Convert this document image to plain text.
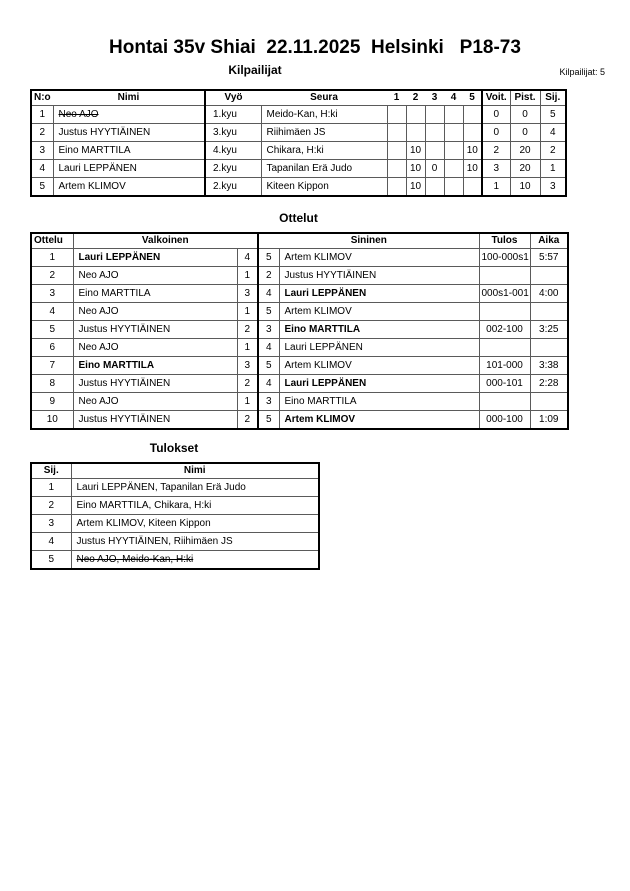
Hontai 35v Shiai  22.11.2025  Helsinki   P18-73
Kilpailijat	Kilpailijat: 5
N:o	Nimi	Vyö	Seura	1	2	3	4	5	Voit.	Pist.	Sij.
1	Neo AJO	1.kyu	Meido-Kan, H:ki						0	0	5
2	Justus HYYTIÄINEN	3.kyu	Riihimäen JS						0	0	4
3	Eino MARTTILA	4.kyu	Chikara, H:ki		10			10	2	20	2
4	Lauri LEPPÄNEN	2.kyu	Tapanilan Erä Judo		10	0		10	3	20	1
5	Artem KLIMOV	2.kyu	Kiteen Kippon		10				1	10	3
Ottelut
Ottelu	Valkoinen		Sininen		Tulos	Aika
1	Lauri LEPPÄNEN	4	5	Artem KLIMOV	100-000s1	5:57
2	Neo AJO	1	2	Justus HYYTIÄINEN		
3	Eino MARTTILA	3	4	Lauri LEPPÄNEN	000s1-001	4:00
4	Neo AJO	1	5	Artem KLIMOV		
5	Justus HYYTIÄINEN	2	3	Eino MARTTILA	002-100	3:25
6	Neo AJO	1	4	Lauri LEPPÄNEN		
7	Eino MARTTILA	3	5	Artem KLIMOV	101-000	3:38
8	Justus HYYTIÄINEN	2	4	Lauri LEPPÄNEN	000-101	2:28
9	Neo AJO	1	3	Eino MARTTILA		
10	Justus HYYTIÄINEN	2	5	Artem KLIMOV	000-100	1:09
Tulokset
Sij.	Nimi
1	Lauri LEPPÄNEN, Tapanilan Erä Judo
2	Eino MARTTILA, Chikara, H:ki
3	Artem KLIMOV, Kiteen Kippon
4	Justus HYYTIÄINEN, Riihimäen JS
5	Neo AJO, Meido-Kan, H:ki
